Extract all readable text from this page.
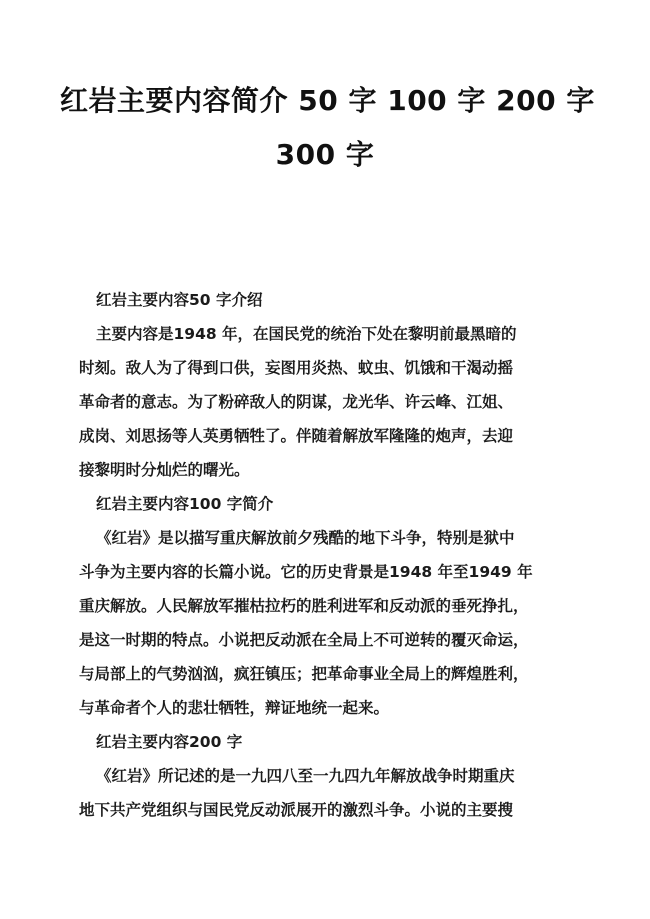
红岩主要内容简介 50 字 100 字 200 字
300 字
红岩主要内容50 字介绍
主要内容是1948 年，在国民党的统治下处在黎明前最黑暗的
时刻。敌人为了得到口供，妄图用炎热、蚊虫、饥饿和干渴动摇
革命者的意志。为了粉碎敌人的阴谋，龙光华、许云峰、江姐、
成岗、刘思扬等人英勇牺牲了。伴随着解放军隆隆的炮声，去迎
接黎明时分灿烂的曙光。
红岩主要内容100 字简介
《红岩》是以描写重庆解放前夕残酷的地下斗争，特别是狱中
斗争为主要内容的长篇小说。它的历史背景是1948 年至1949 年
重庆解放。人民解放军摧枯拉朽的胜利进军和反动派的垂死挣扎，
是这一时期的特点。小说把反动派在全局上不可逆转的覆灭命运，
与局部上的气势汹汹，疯狂镇压；把革命事业全局上的辉煌胜利，
与革命者个人的悲壮牺牲，辩证地统一起来。
红岩主要内容200 字
《红岩》所记述的是一九四八至一九四九年解放战争时期重庆
地下共产党组织与国民党反动派展开的激烈斗争。小说的主要搜
